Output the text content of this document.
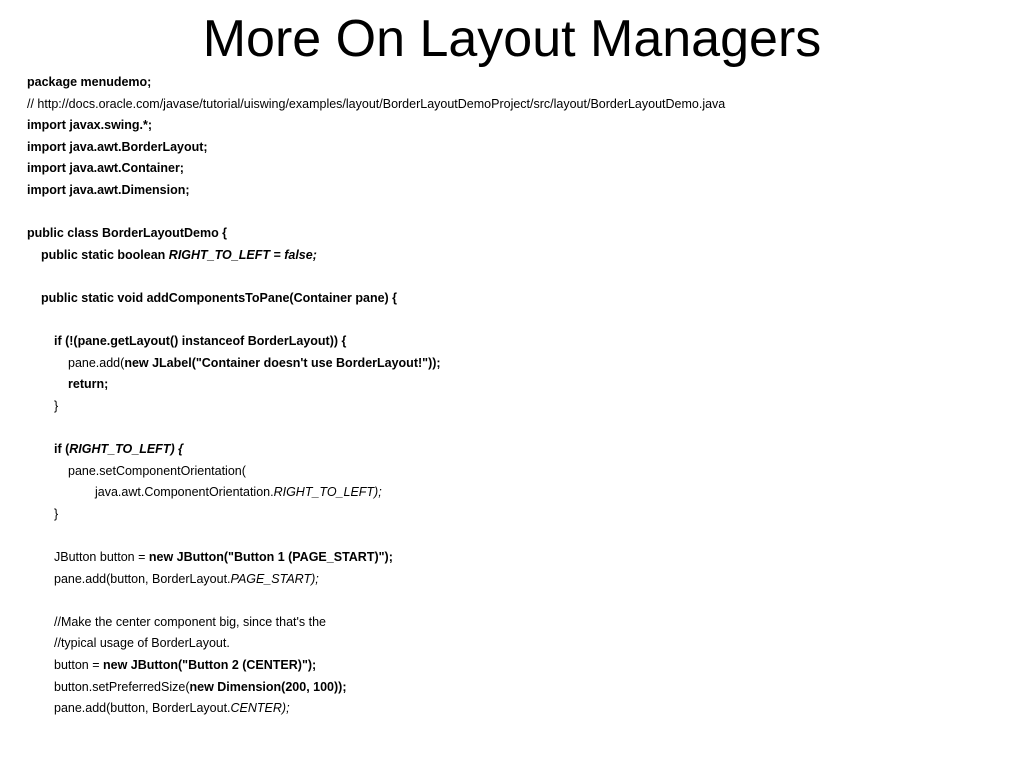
More On Layout Managers
package menudemo;
// http://docs.oracle.com/javase/tutorial/uiswing/examples/layout/BorderLayoutDemoProject/src/layout/BorderLayoutDemo.java
import javax.swing.*;
import java.awt.BorderLayout;
import java.awt.Container;
import java.awt.Dimension;
public class BorderLayoutDemo {
public static boolean RIGHT_TO_LEFT = false;
public static void addComponentsToPane(Container pane) {
if (!(pane.getLayout() instanceof BorderLayout)) {
pane.add(new JLabel("Container doesn't use BorderLayout!"));
return;
}
if (RIGHT_TO_LEFT) {
pane.setComponentOrientation(
java.awt.ComponentOrientation.RIGHT_TO_LEFT);
}
JButton button = new JButton("Button 1 (PAGE_START)");
pane.add(button, BorderLayout.PAGE_START);
//Make the center component big, since that's the
//typical usage of BorderLayout.
button = new JButton("Button 2 (CENTER)");
button.setPreferredSize(new Dimension(200, 100));
pane.add(button, BorderLayout.CENTER);
